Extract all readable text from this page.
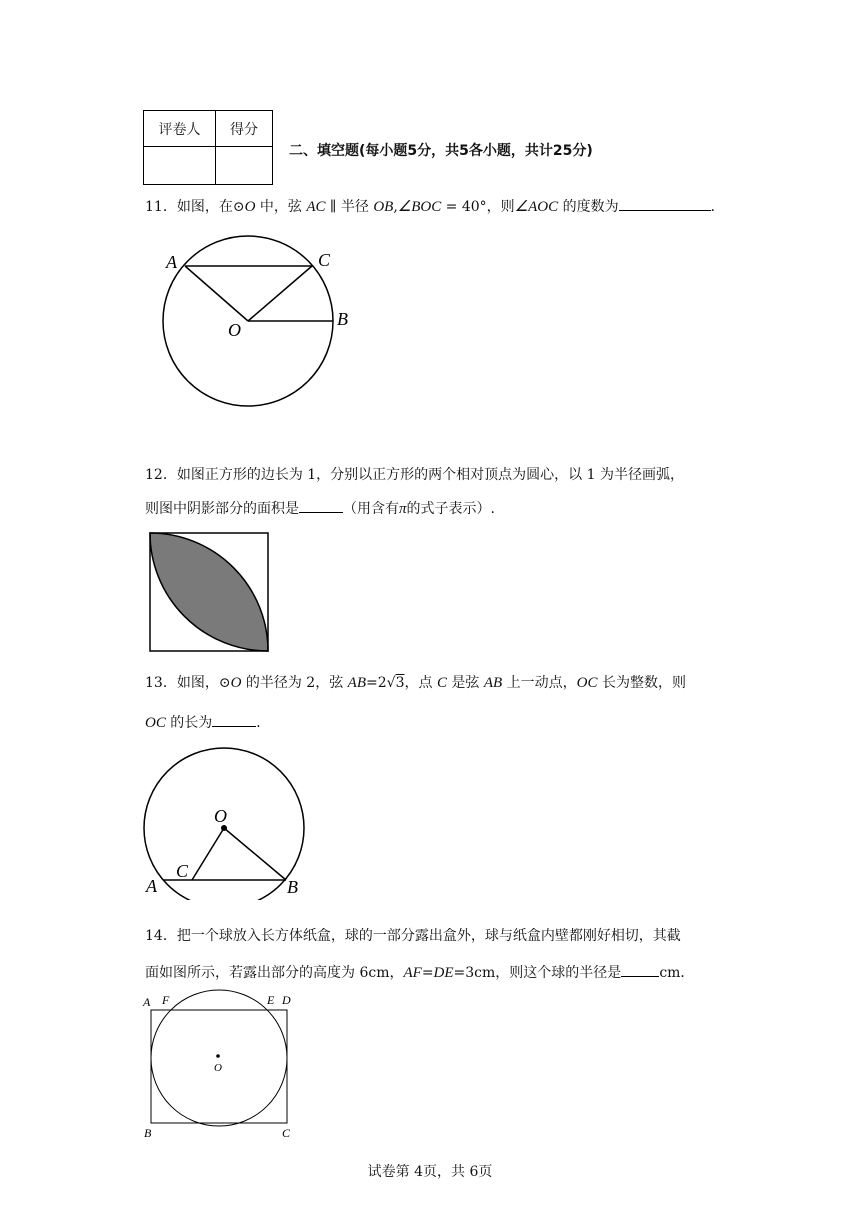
评卷人	得分

二、填空题(每小题5分，共5各小题，共计25分)
11．如图，在⊙O 中，弦 AC ∥ 半径 OB,∠BOC = 40°，则∠AOC 的度数为	．
A	C
B
O
12．如图正方形的边长为 1，分别以正方形的两个相对顶点为圆心，以 1 为半径画弧，
则图中阴影部分的面积是	（用含有π的式子表示）.
13．如图，⊙O 的半径为 2，弦 AB=2√3，点 C 是弦 AB 上一动点，OC 长为整数，则
OC 的长为	．
O
C
A	B
14．把一个球放入长方体纸盒，球的一部分露出盒外，球与纸盒内壁都刚好相切，其截
面如图所示，若露出部分的高度为 6cm，AF=DE=3cm，则这个球的半径是	cm．
A F	E D
O
B	C
试卷第 4页，共 6页
